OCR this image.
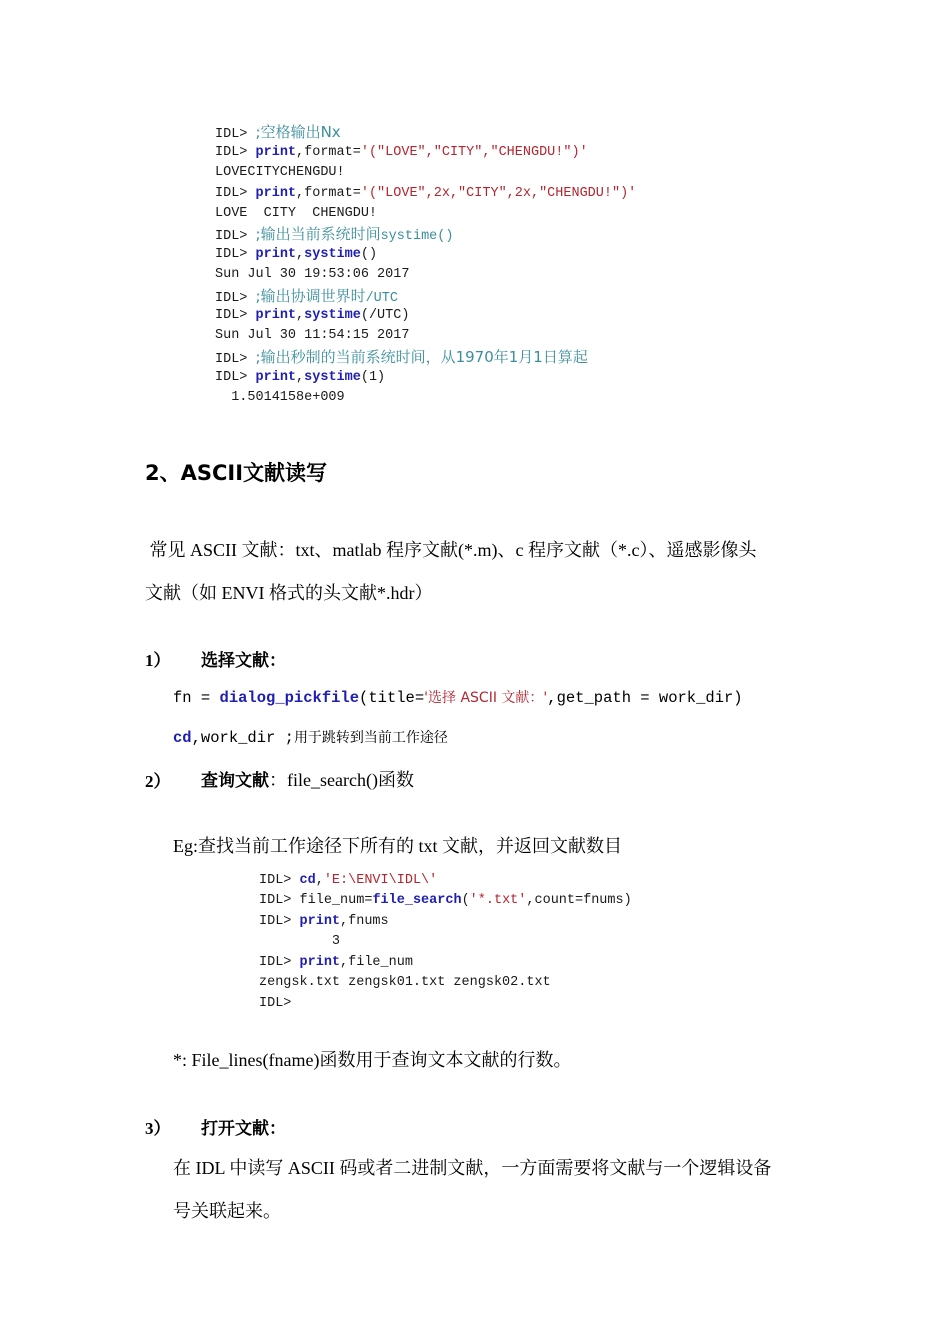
IDL> ;空格输出Nx
IDL> print,format='("LOVE","CITY","CHENGDU!")'
LOVECITYCHENGDU!
IDL> print,format='("LOVE",2x,"CITY",2x,"CHENGDU!")'
LOVE  CITY  CHENGDU!
IDL> ;输出当前系统时间systime()
IDL> print,systime()
Sun Jul 30 19:53:06 2017
IDL> ;输出协调世界时/UTC
IDL> print,systime(/UTC)
Sun Jul 30 11:54:15 2017
IDL> ;输出秒制的当前系统时间，从1970年1月1日算起
IDL> print,systime(1)
1.5014158e+009
2、ASCII文献读写
常见 ASCII 文献：txt、matlab 程序文献(*.m)、c 程序文献（*.c）、遥感影像头
文献（如 ENVI 格式的头文献*.hdr）
1） 选择文献：
fn = dialog_pickfile(title='选择 ASCII 文献：',get_path = work_dir)
cd,work_dir ;用于跳转到当前工作途径
2） 查询文献：file_search()函数
Eg:查找当前工作途径下所有的 txt 文献，并返回文献数目
IDL> cd,'E:\ENVI\IDL\'
IDL> file_num=file_search('*.txt',count=fnums)
IDL> print,fnums
3
IDL> print,file_num
zengsk.txt zengsk01.txt zengsk02.txt
IDL>
*: File_lines(fname)函数用于查询文本文献的行数。
3） 打开文献：
在 IDL 中读写 ASCII 码或者二进制文献，一方面需要将文献与一个逻辑设备
号关联起来。
